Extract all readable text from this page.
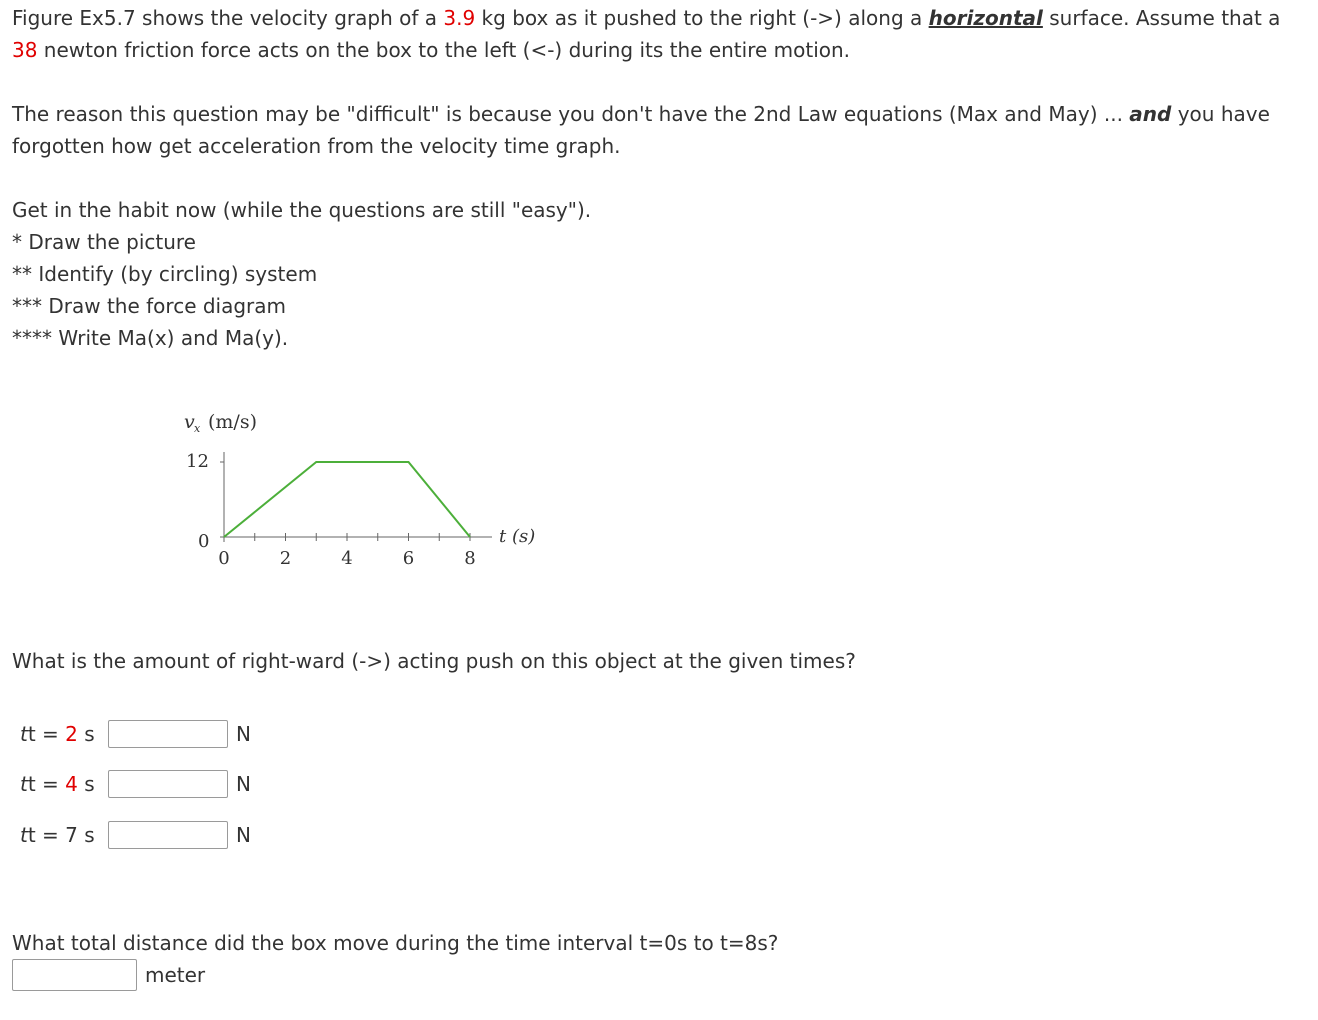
Figure Ex5.7 shows the velocity graph of a 3.9 kg box as it pushed to the right (->) along a horizontal surface. Assume that a 38 newton friction force acts on the box to the left (<-) during its the entire motion.

The reason this question may be "difficult" is because you don't have the 2nd Law equations (Max and May) ... and you have forgotten how get acceleration from the velocity time graph.

Get in the habit now (while the questions are still "easy").
* Draw the picture
** Identify (by circling) system
*** Draw the force diagram
**** Write Ma(x) and Ma(y).
v x (m/s)
12
0	t (s)
0	2	4	6	8

What is the amount of right-ward (->) acting push on this object at the given times?

tt = 2 s	N
tt = 4 s	N
tt = 7 s	N

What total distance did the box move during the time interval t=0s to t=8s?

meter
